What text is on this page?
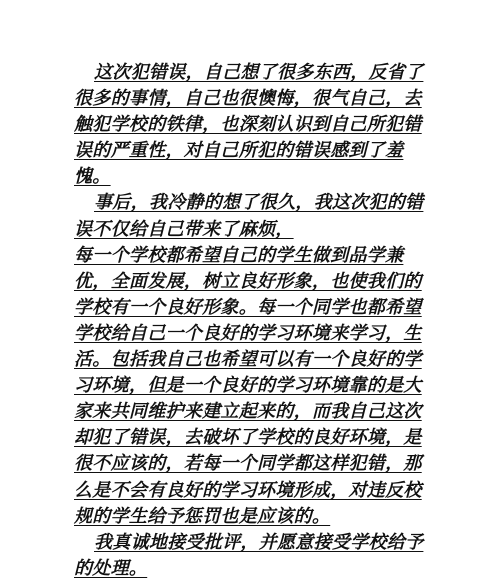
这次犯错误，自己想了很多东西，反省了
很多的事情，自己也很懊悔，很气自己，去
触犯学校的铁律，也深刻认识到自己所犯错
误的严重性，对自己所犯的错误感到了羞
愧。
事后，我冷静的想了很久，我这次犯的错
误不仅给自己带来了麻烦，
每一个学校都希望自己的学生做到品学兼
优，全面发展，树立良好形象，也使我们的
学校有一个良好形象。每一个同学也都希望
学校给自己一个良好的学习环境来学习，生
活。包括我自己也希望可以有一个良好的学
习环境，但是一个良好的学习环境靠的是大
家来共同维护来建立起来的，而我自己这次
却犯了错误，去破坏了学校的良好环境，是
很不应该的，若每一个同学都这样犯错，那
么是不会有良好的学习环境形成，对违反校
规的学生给予惩罚也是应该的。
我真诚地接受批评，并愿意接受学校给予
的处理。
